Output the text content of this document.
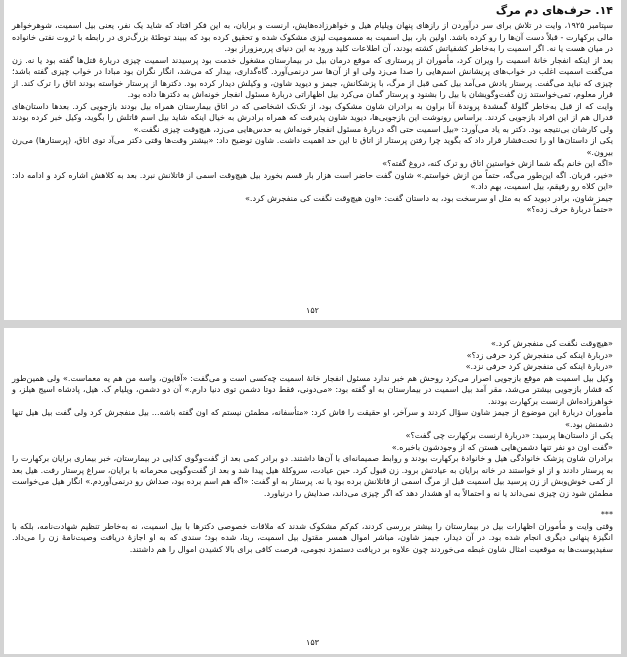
۱۴. حرف‌های دم مرگ

سپتامبر ۱۹۲۵، وایت در تلاش برای سر درآوردن از رازهای پنهان ویلیام هیل و خواهرزاده‌هایش، ارنست و برایان، به این فکر افتاد که شاید یک نفر، یعنی بیل اسمیت، شوهرخواهر مالی برکهارت - قبلاً دست آن‌ها را رو کرده باشد. اولین بار، بیل اسمیت به مسمومیت لیزی مشکوک شده و تحقیق کرده بود که ببیند توطئهٔ بزرگ‌تری در رابطه با ثروت نفتی خانواده در میان هست یا نه. اگر اسمیت را به‌خاطر کشفیاتش کشته بودند، آن اطلاعات کلید ورود به این دنیای پررمزوراز بود.

بعد از اینکه انفجار خانهٔ اسمیت را ویران کرد، مأموران از پرستاری که موقع درمان بیل در بیمارستان مشغول خدمت بود پرسیدند اسمیت چیزی دربارهٔ قتل‌ها گفته بود یا نه. زن می‌گفت اسمیت اغلب در خواب‌های پریشانش اسم‌هایی را صدا می‌زد ولی او از آن‌ها سر درنمی‌آورد. گاه‌گداری، بیدار که می‌شد، انگار نگران بود مبادا در خواب چیزی گفته باشد؛ چیزی که نباید می‌گفت. پرستار یادش می‌آمد بیل کمی قبل از مرگ، با پزشکانش، جیمز و دیوید شاون، و وکیلش دیدار کرده بود. دکترها از پرستار خواسته بودند اتاق را ترک کند. از قرار معلوم، تمی‌خواستند زن گفت‌وگویشان با بیل را بشنود و پرستار گمان می‌کرد بیل اظهاراتی دربارهٔ مسئول انفجار خونه‌اش به دکترها داده بود.

وایت که از قبل به‌خاطر گلولهٔ گمشدهٔ پروندهٔ آنا براون به برادران شاون مشکوک بود، از تک‌تک اشخاصی که در اتاق بیمارستان همراه بیل بودند بازجویی کرد. بعدها داستان‌های فدرال هم از این افراد بازجویی کردند. براساس رونوشت این بازجویی‌ها، دیوید شاون پذیرفت که همراه برادرش به خیال اینکه شاید بیل اسم قاتلش را بگوید، وکیل خبر کرده بودند ولی کارشان بی‌نتیجه بود. دکتر به یاد می‌آورد: «بیل اسمیت حتی اگه دربارهٔ مسئول انفجار خونه‌اش به حدس‌هایی می‌زد، هیچ‌وقت چیزی نگفت.»

یکی از داستان‌ها او را تحت‌فشار قرار داد که بگوید چرا رفتن پرستار از اتاق تا این حد اهمیت داشت. شاون توضیح داد: «بیشتر وقت‌ها وقتی دکتر می‌آد توی اتاق، (پرستارها) می‌رن بیرون.»

«اگه این خانم بگه شما ازش خواستین اتاق رو ترک کنه، دروغ گفته؟»

«خیر، قربان. اگه این‌طور می‌گه، حتماً من ازش خواستم.» شاون گفت حاضر است هزار بار قسم بخورد بیل هیچ‌وقت اسمی از قاتلانش نبرد. بعد به کلاهش اشاره کرد و ادامه داد: «این کلاه رو رفیقم، بیل اسمیت، بهم داد.»

جیمز شاون، برادر دیوید که به مثل او سرسخت بود، به داستان گفت: «اون هیچ‌وقت نگفت کی منفجرش کرد.»

«حتماً دربارهٔ حرف زده؟»

۱۵۲

«هیچ‌وقت نگفت کی منفجرش کرد.»

«دربارهٔ اینکه کی منفجرش کرد حرفی زد؟»

«دربارهٔ اینکه کی منفجرش کرد حرفی نزد.»

وکیل بیل اسمیت هم موقع بازجویی اصرار می‌کرد روحش هم خبر ندارد مسئول انفجار خانهٔ اسمیت چه‌کسی است و می‌گفت: «آقایون، واسه من هم یه معماست.» ولی همین‌طور که فشار بازجویی بیشتر می‌شد، مقر آمد بیل اسمیت در بیمارستان به او گفته بود: «می‌دونی، فقط دوتا دشمن توی دنیا دارم.» آن دو دشمن، ویلیام ک. هیل، پادشاه اسیج هیلز، و خواهرزاده‌اش ارنست برکهارت بودند.

مأموران دربارهٔ این موضوع از جیمز شاون سؤال کردند و سرآخر، او حقیقت را فاش کرد: «متأسفانه، مطمئن نیستم که اون گفته باشه... بیل منفجرش کرد ولی گفت بیل هیل تنها دشمنش بود.»

یکی از داستان‌ها پرسید: «دربارهٔ ارنست برکهارت چی گفت؟»

«گفت اون دو نفر تنها دشمن‌هایی هستن که از وجودشون باخبره.»

برادران شاون پزشک خانوادگی هیل و خانوادهٔ برکهارت بودند و روابط صمیمانه‌ای با آن‌ها داشتند. دو برادر کمی بعد از گفت‌وگوی کذایی در بیمارستان، خبر بیماری برایان برکهارت را به پرستار دادند و از او خواستند در خانه برایان به عیادتش برود. زن قبول کرد. حین عیادت، سروکلهٔ هیل پیدا شد و بعد از گفت‌وگویی محرمانه با برایان، سراغ پرستار رفت. هیل بعد از کمی خوش‌وبش از زن پرسید بیل اسمیت قبل از مرگ اسمی از قاتلانش برده بود یا نه. پرستار به او گفت: «اگه هم اسم برده بود، صداش رو درنمی‌آوردم.» انگار هیل می‌خواست مطمئن شود زن چیزی نمی‌داند یا نه و احتمالاً به او هشدار دهد که اگر چیزی می‌داند، صدایش را درنیاورد.

***

وقتی وایت و مأموران اظهارات بیل در بیمارستان را بیشتر بررسی کردند، کم‌کم مشکوک شدند که ملاقات خصوصی دکترها با بیل اسمیت، نه به‌خاطر تنظیم شهادت‌نامه، بلکه با انگیزهٔ پنهانی دیگری انجام شده بود. در آن دیدار، جیمز شاون، مباشر اموال همسر مقتول بیل اسمیت، ریتا، شده بود؛ سندی که به او اجازهٔ دریافت وصیت‌نامهٔ زن را می‌داد. سفیدپوست‌ها به موقعیت امثال شاون غبطه می‌خوردند چون علاوه بر دریافت دستمزد نجومی، فرصت کافی برای بالا کشیدن اموال را هم داشتند.

۱۵۳
